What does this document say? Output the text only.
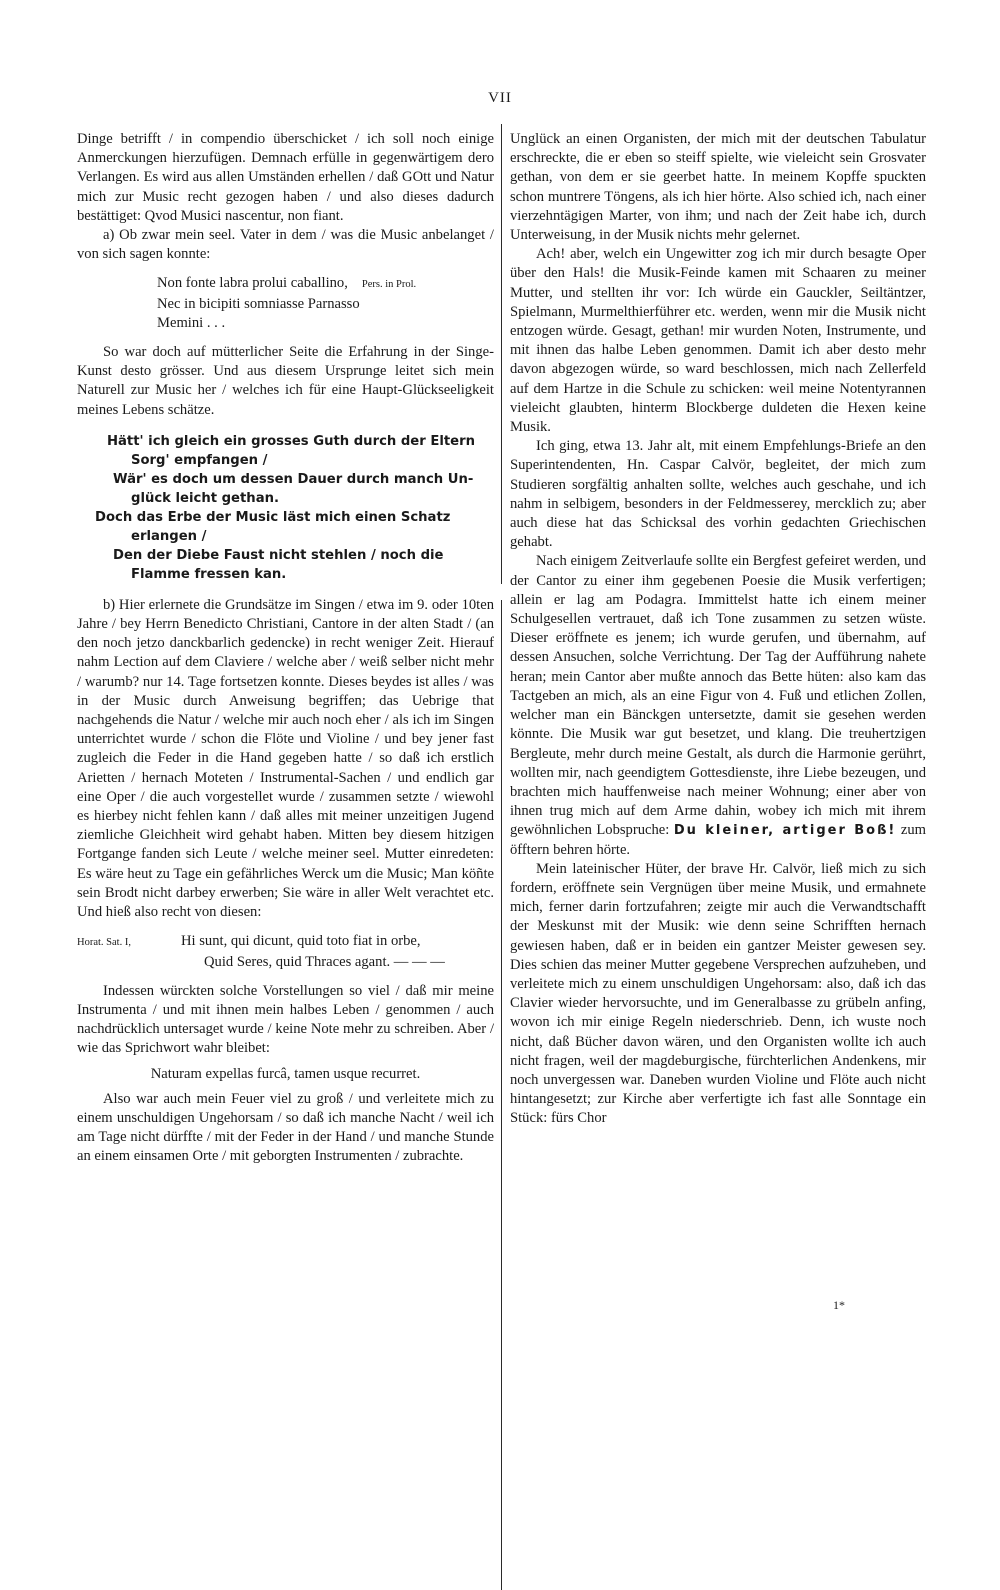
VII

Dinge betrifft / in compendio überschicket / ich soll noch einige Anmerckungen hierzufügen. Demnach erfülle in gegenwärtigem dero Verlangen. Es wird aus allen Umständen erhellen / daß GOtt und Natur mich zur Music recht gezogen haben / und also dieses dadurch bestättiget: Qvod Musici nascentur, non fiant.

a) Ob zwar mein seel. Vater in dem / was die Music anbelanget / von sich sagen konnte:

Non fonte labra prolui caballino, Pers. in Prol.
Nec in bicipiti somniasse Parnasso
Memini . . .

So war doch auf mütterlicher Seite die Erfahrung in der Singe-Kunst desto grösser. Und aus diesem Ursprunge leitet sich mein Naturell zur Music her / welches ich für eine Haupt-Glückseeligkeit meines Lebens schätze.

Hätt' ich gleich ein grosses Guth durch der Eltern
Sorg' empfangen /
Wär' es doch um dessen Dauer durch manch Un-
glück leicht gethan.
Doch das Erbe der Music läst mich einen Schatz
erlangen /
Den der Diebe Faust nicht stehlen / noch die
Flamme fressen kan.

b) Hier erlernete die Grundsätze im Singen / etwa im 9. oder 10ten Jahre / bey Herrn Benedicto Christiani, Cantore in der alten Stadt / (an den noch jetzo danckbarlich gedencke) in recht weniger Zeit. Hierauf nahm Lection auf dem Claviere / welche aber / weiß selber nicht mehr / warumb? nur 14. Tage fortsetzen konnte. Dieses beydes ist alles / was in der Music durch Anweisung begriffen; das Uebrige that nachgehends die Natur / welche mir auch noch eher / als ich im Singen unterrichtet wurde / schon die Flöte und Violine / und bey jener fast zugleich die Feder in die Hand gegeben hatte / so daß ich erstlich Arietten / hernach Moteten / Instrumental-Sachen / und endlich gar eine Oper / die auch vorgestellet wurde / zusammen setzte / wiewohl es hierbey nicht fehlen kann / daß alles mit meiner unzeitigen Jugend ziemliche Gleichheit wird gehabt haben. Mitten bey diesem hitzigen Fortgange fanden sich Leute / welche meiner seel. Mutter einredeten: Es wäre heut zu Tage ein gefährliches Werck um die Music; Man köñte sein Brodt nicht darbey erwerben; Sie wäre in aller Welt verachtet etc. Und hieß also recht von diesen:

Horat. Sat. I,	Hi sunt, qui dicunt, quid toto fiat in orbe,
Quid Seres, quid Thraces agant. — — —

Indessen würckten solche Vorstellungen so viel / daß mir meine Instrumenta / und mit ihnen mein halbes Leben / genommen / auch nachdrücklich untersaget wurde / keine Note mehr zu schreiben. Aber / wie das Sprichwort wahr bleibet:

Naturam expellas furcâ, tamen usque recurret.

Also war auch mein Feuer viel zu groß / und verleitete mich zu einem unschuldigen Ungehorsam / so daß ich manche Nacht / weil ich am Tage nicht dürffte / mit der Feder in der Hand / und manche Stunde an einem einsamen Orte / mit geborgten Instrumenten / zubrachte.

Unglück an einen Organisten, der mich mit der deutschen Tabulatur erschreckte, die er eben so steiff spielte, wie vieleicht sein Grosvater gethan, von dem er sie geerbet hatte. In meinem Kopffe spuckten schon muntrere Töngens, als ich hier hörte. Also schied ich, nach einer vierzehntägigen Marter, von ihm; und nach der Zeit habe ich, durch Unterweisung, in der Musik nichts mehr gelernet.

Ach! aber, welch ein Ungewitter zog ich mir durch besagte Oper über den Hals! die Musik-Feinde kamen mit Schaaren zu meiner Mutter, und stellten ihr vor: Ich würde ein Gauckler, Seiltäntzer, Spielmann, Murmelthierführer etc. werden, wenn mir die Musik nicht entzogen würde. Gesagt, gethan! mir wurden Noten, Instrumente, und mit ihnen das halbe Leben genommen. Damit ich aber desto mehr davon abgezogen würde, so ward beschlossen, mich nach Zellerfeld auf dem Hartze in die Schule zu schicken: weil meine Notentyrannen vieleicht glaubten, hinterm Blockberge duldeten die Hexen keine Musik.

Ich ging, etwa 13. Jahr alt, mit einem Empfehlungs-Briefe an den Superintendenten, Hn. Caspar Calvör, begleitet, der mich zum Studieren sorgfältig anhalten sollte, welches auch geschahe, und ich nahm in selbigem, besonders in der Feldmesserey, mercklich zu; aber auch diese hat das Schicksal des vorhin gedachten Griechischen gehabt.

Nach einigem Zeitverlaufe sollte ein Bergfest gefeiret werden, und der Cantor zu einer ihm gegebenen Poesie die Musik verfertigen; allein er lag am Podagra. Immittelst hatte ich einem meiner Schulgesellen vertrauet, daß ich Tone zusammen zu setzen wüste. Dieser eröffnete es jenem; ich wurde gerufen, und übernahm, auf dessen Ansuchen, solche Verrichtung. Der Tag der Aufführung nahete heran; mein Cantor aber mußte annoch das Bette hüten: also kam das Tactgeben an mich, als an eine Figur von 4. Fuß und etlichen Zollen, welcher man ein Bänckgen untersetzte, damit sie gesehen werden könnte. Die Musik war gut besetzet, und klang. Die treuhertzigen Bergleute, mehr durch meine Gestalt, als durch die Harmonie gerührt, wollten mir, nach geendigtem Gottesdienste, ihre Liebe bezeugen, und brachten mich hauffenweise nach meiner Wohnung; einer aber von ihnen trug mich auf dem Arme dahin, wobey ich mich mit ihrem gewöhnlichen Lobspruche: Du kleiner, artiger Boß! zum öfftern behren hörte.

Mein lateinischer Hüter, der brave Hr. Calvör, ließ mich zu sich fordern, eröffnete sein Vergnügen über meine Musik, und ermahnete mich, ferner darin fortzufahren; zeigte mir auch die Verwandtschafft der Meskunst mit der Musik: wie denn seine Schrifften hernach gewiesen haben, daß er in beiden ein gantzer Meister gewesen sey. Dies schien das meiner Mutter gegebene Versprechen aufzuheben, und verleitete mich zu einem unschuldigen Ungehorsam: also, daß ich das Clavier wieder hervorsuchte, und im Generalbasse zu grübeln anfing, wovon ich mir einige Regeln niederschrieb. Denn, ich wuste noch nicht, daß Bücher davon wären, und den Organisten wollte ich auch nicht fragen, weil der magdeburgische, fürchterlichen Andenkens, mir noch unvergessen war. Daneben wurden Violine und Flöte auch nicht hintangesetzt; zur Kirche aber verfertigte ich fast alle Sonntage ein Stück: fürs Chor

1*
